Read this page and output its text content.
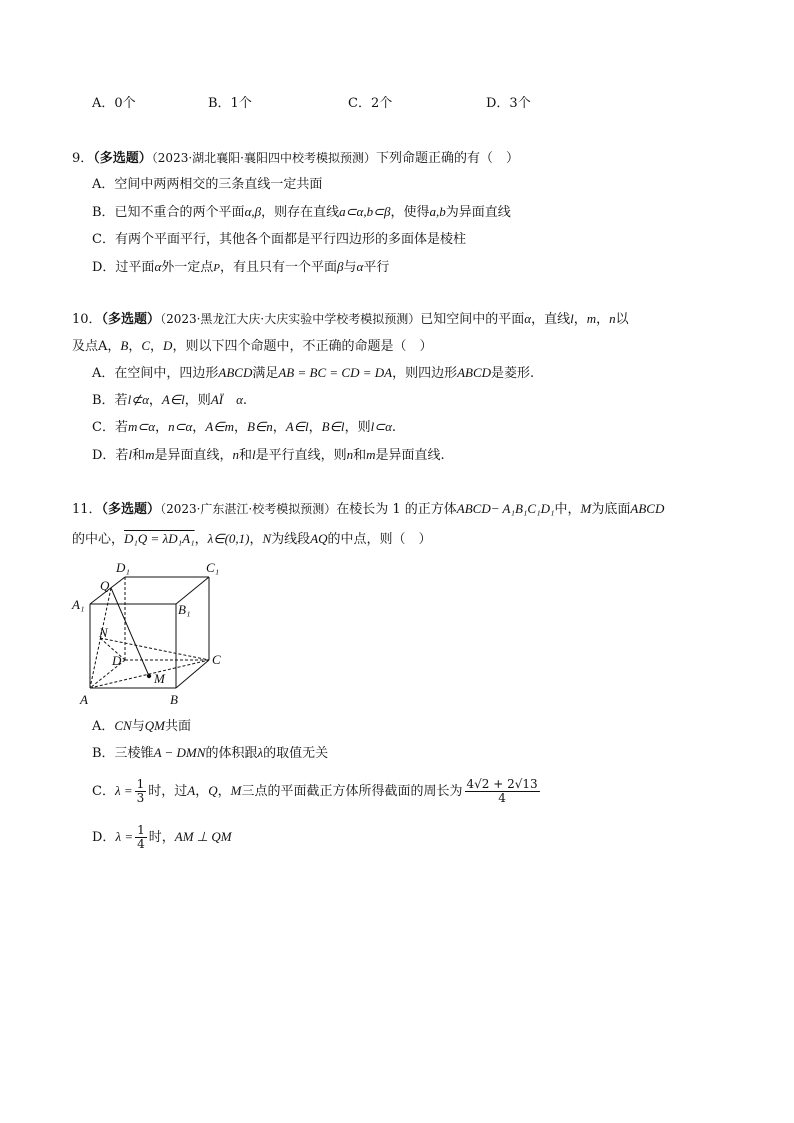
A．0个	B．1个	C．2个	D．3个
9．（多选题）（2023·湖北襄阳·襄阳四中校考模拟预测）下列命题正确的有（　）
A．空间中两两相交的三条直线一定共面
B．已知不重合的两个平面α,β，则存在直线a⊂α,b⊂β，使得a,b为异面直线
C．有两个平面平行，其他各个面都是平行四边形的多面体是棱柱
D．过平面α外一定点P，有且只有一个平面β与α平行
10．（多选题）（2023·黑龙江大庆·大庆实验中学校考模拟预测）已知空间中的平面α，直线l，m，n以
及点A，B，C，D，则以下四个命题中，不正确的命题是（　）
A．在空间中，四边形ABCD满足AB = BC = CD = DA，则四边形ABCD是菱形.
B．若l⊄α，A∈l，则AÏ　α.
C．若m⊂α，n⊂α，A∈m，B∈n，A∈l，B∈l，则l⊂α.
D．若l和m是异面直线，n和l是平行直线，则n和m是异面直线.
11．（多选题）（2023·广东湛江·校考模拟预测）在棱长为 1 的正方体ABCD− A₁B₁C₁D₁中，M为底面ABCD
的中心，D₁Q = λD₁A₁，λ∈(0,1)，N为线段AQ的中点，则（　）
Q
D₁	C₁
A₁	B₁
N
D	C
M
A	B
A．CN与QM共面
B．三棱锥A − DMN的体积跟λ的取值无关
C．$\lambda = \frac{1}{3}$ 时，过A，Q，M三点的平面截正方体所得截面的周长为 $\frac{4√2 + 2√13}{4}$
D．$\lambda = \frac{1}{4}$ 时，AM ⊥ QM
